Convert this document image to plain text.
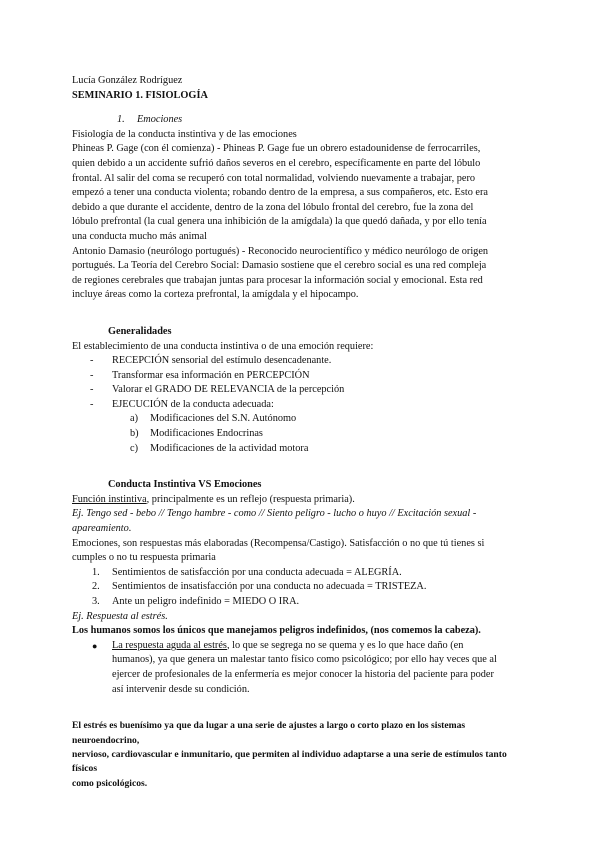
Lucía González Rodríguez

SEMINARIO 1. FISIOLOGÍA

1. Emociones

Fisiología de la conducta instintiva y de las emociones

Phineas P. Gage (con él comienza) - Phineas P. Gage fue un obrero estadounidense de ferrocarriles,

quien debido a un accidente sufrió daños severos en el cerebro, específicamente en parte del lóbulo

frontal. Al salir del coma se recuperó con total normalidad, volviendo nuevamente a trabajar, pero

empezó a tener una conducta violenta; robando dentro de la empresa, a sus compañeros, etc. Esto era

debido a que durante el accidente, dentro de la zona del lóbulo frontal del cerebro, fue la zona del

lóbulo prefrontal (la cual genera una inhibición de la amígdala) la que quedó dañada, y por ello tenía

una conducta mucho más animal

Antonio Damasio (neurólogo portugués) - Reconocido neurocientífico y médico neurólogo de origen

portugués. La Teoría del Cerebro Social: Damasio sostiene que el cerebro social es una red compleja

de regiones cerebrales que trabajan juntas para procesar la información social y emocional. Esta red

incluye áreas como la corteza prefrontal, la amígdala y el hipocampo.

Generalidades

El establecimiento de una conducta instintiva o de una emoción requiere:

- RECEPCIÓN sensorial del estímulo desencadenante.
- Transformar esa información en PERCEPCIÓN
- Valorar el GRADO DE RELEVANCIA de la percepción
- EJECUCIÓN de la conducta adecuada:
a) Modificaciones del S.N. Autónomo
b) Modificaciones Endocrinas
c) Modificaciones de la actividad motora

Conducta Instintiva VS Emociones

Función instintiva, principalmente es un reflejo (respuesta primaria).

Ej. Tengo sed - bebo // Tengo hambre - como // Siento peligro - lucho o huyo // Excitación sexual -

apareamiento.

Emociones, son respuestas más elaboradas (Recompensa/Castigo). Satisfacción o no que tú tienes si

cumples o no tu respuesta primaria

1. Sentimientos de satisfacción por una conducta adecuada = ALEGRÍA.
2. Sentimientos de insatisfacción por una conducta no adecuada = TRISTEZA.
3. Ante un peligro indefinido = MIEDO O IRA.

Ej. Respuesta al estrés.

Los humanos somos los únicos que manejamos peligros indefinidos, (nos comemos la cabeza).

● La respuesta aguda al estrés, lo que se segrega no se quema y es lo que hace daño (en
humanos), ya que genera un malestar tanto físico como psicológico; por ello hay veces que al
ejercer de profesionales de la enfermería es mejor conocer la historia del paciente para poder
así intervenir desde su condición.

El estrés es buenísimo ya que da lugar a una serie de ajustes a largo o corto plazo en los sistemas neuroendocrino,

nervioso, cardiovascular e inmunitario, que permiten al individuo adaptarse a una serie de estímulos tanto físicos

como psicológicos.
